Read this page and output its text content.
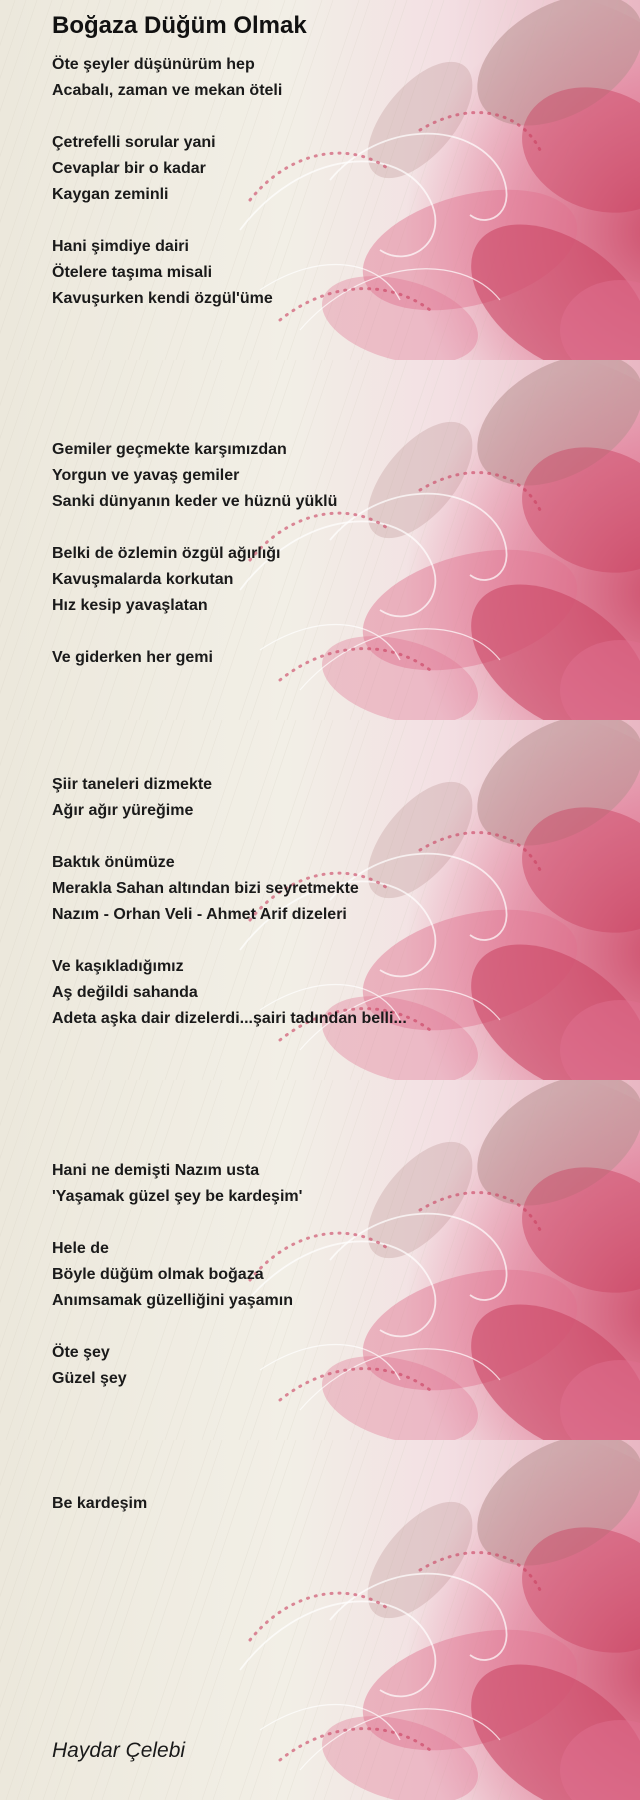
Boğaza Düğüm Olmak
Öte şeyler düşünürüm hep
Acabalı, zaman ve mekan öteli
Çetrefelli sorular yani
Cevaplar bir o kadar
Kaygan zeminli
Hani şimdiye dairi
Ötelere taşıma misali
Kavuşurken kendi özgül'üme
Gemiler geçmekte karşımızdan
Yorgun ve yavaş gemiler
Sanki dünyanın keder ve hüznü yüklü
Belki de özlemin özgül ağırlığı
Kavuşmalarda korkutan
Hız kesip yavaşlatan
Ve giderken her gemi
Şiir taneleri dizmekte
Ağır ağır yüreğime
Baktık önümüze
Merakla Sahan altından bizi seyretmekte
Nazım - Orhan Veli - Ahmet Arif dizeleri
Ve kaşıkladığımız
Aş değildi sahanda
Adeta aşka dair dizelerdi...şairi tadından belli...
Hani ne demişti Nazım usta
'Yaşamak güzel şey be kardeşim'
Hele de
Böyle düğüm olmak boğaza
Anımsamak güzelliğini yaşamın
Öte şey
Güzel şey
Be kardeşim
Haydar Çelebi
